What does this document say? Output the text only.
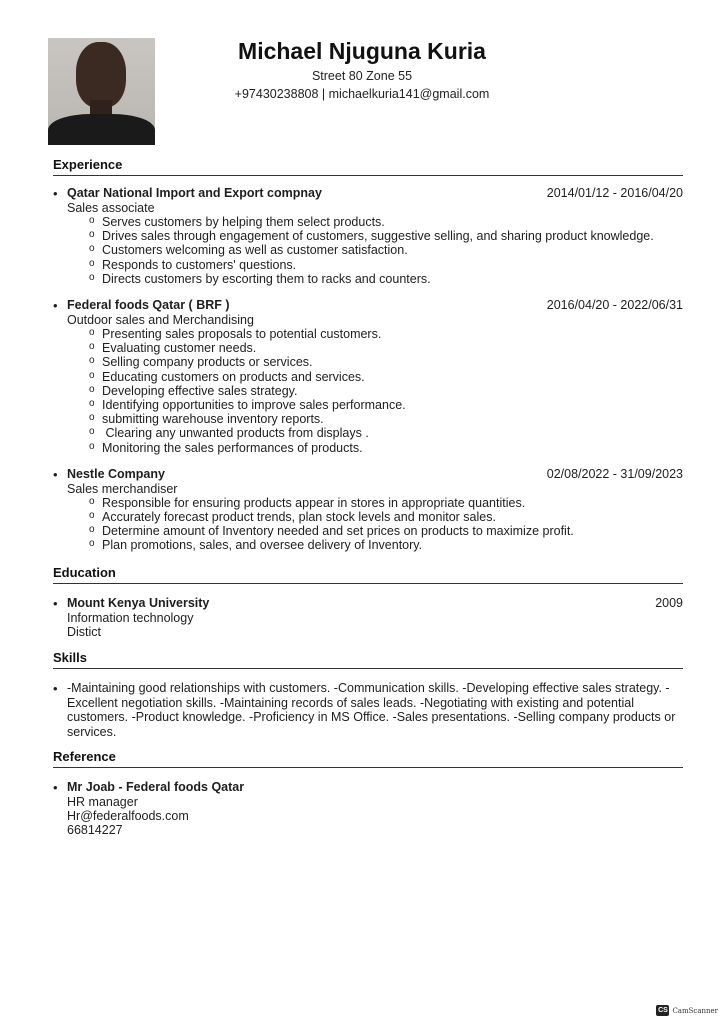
Michael Njuguna Kuria
Street 80 Zone 55
+97430238808 | michaelkuria141@gmail.com
Experience
• Qatar National Import and Export compnay	2014/01/12 - 2016/04/20
Sales associate
o Serves customers by helping them select products.
o Drives sales through engagement of customers, suggestive selling, and sharing product knowledge.
o Customers welcoming as well as customer satisfaction.
o Responds to customers' questions.
o Directs customers by escorting them to racks and counters.
• Federal foods Qatar ( BRF )	2016/04/20 - 2022/06/31
Outdoor sales and Merchandising
o Presenting sales proposals to potential customers.
o Evaluating customer needs.
o Selling company products or services.
o Educating customers on products and services.
o Developing effective sales strategy.
o Identifying opportunities to improve sales performance.
o submitting warehouse inventory reports.
o  Clearing any unwanted products from displays .
o Monitoring the sales performances of products.
• Nestle Company	02/08/2022 - 31/09/2023
Sales merchandiser
o Responsible for ensuring products appear in stores in appropriate quantities.
o Accurately forecast product trends, plan stock levels and monitor sales.
o Determine amount of Inventory needed and set prices on products to maximize profit.
o Plan promotions, sales, and oversee delivery of Inventory.
Education
• Mount Kenya University	2009
Information technology
Distict
Skills
• -Maintaining good relationships with customers. -Communication skills. -Developing effective sales strategy. -Excellent negotiation skills. -Maintaining records of sales leads. -Negotiating with existing and potential customers. -Product knowledge. -Proficiency in MS Office. -Sales presentations. -Selling company products or services.
Reference
• Mr Joab - Federal foods Qatar
HR manager
Hr@federalfoods.com
66814227
CS CamScanner
